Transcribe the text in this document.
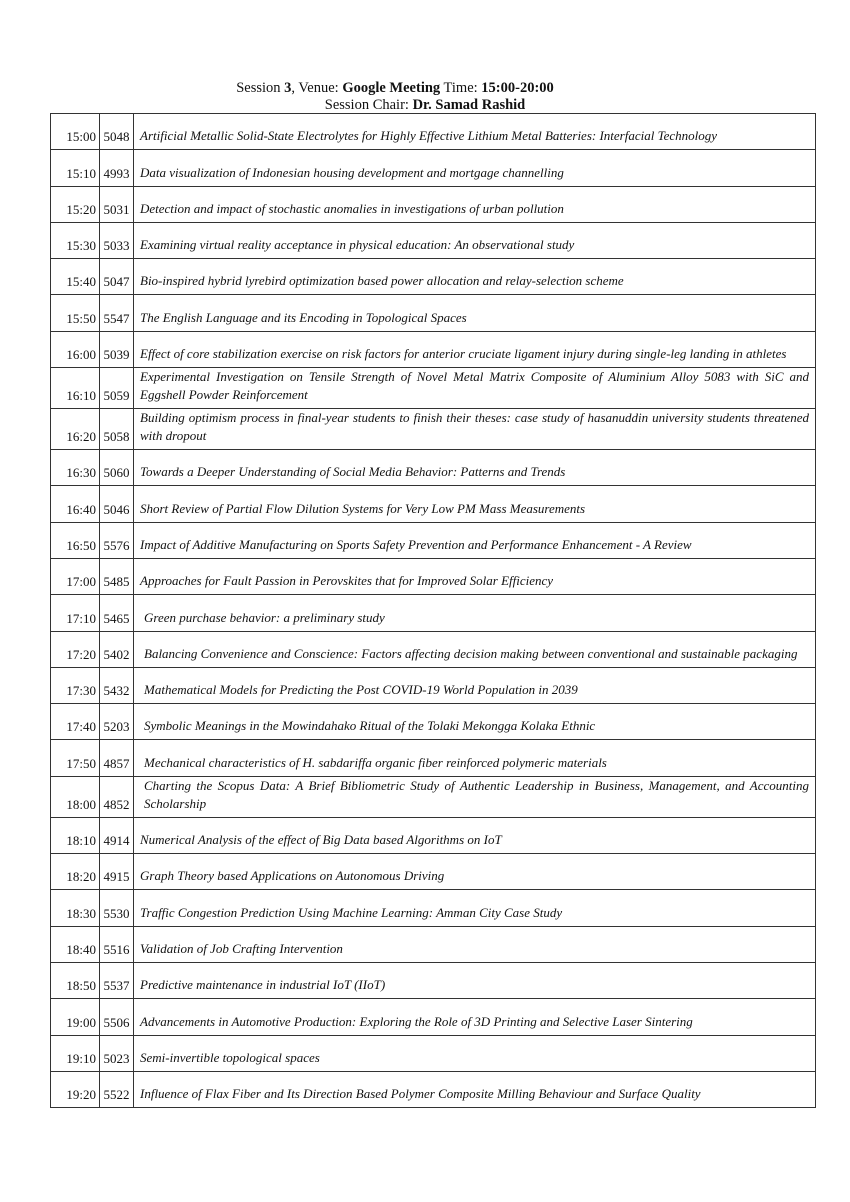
Session 3, Venue: Google Meeting Time: 15:00-20:00
Session Chair: Dr. Samad Rashid
15:00	5048	Artificial Metallic Solid-State Electrolytes for Highly Effective Lithium Metal Batteries: Interfacial Technology
15:10	4993	Data visualization of Indonesian housing development and mortgage channelling
15:20	5031	Detection and impact of stochastic anomalies in investigations of urban pollution
15:30	5033	Examining virtual reality acceptance in physical education: An observational study
15:40	5047	Bio-inspired hybrid lyrebird optimization based power allocation and relay-selection scheme
15:50	5547	The English Language and its Encoding in Topological Spaces
16:00	5039	Effect of core stabilization exercise on risk factors for anterior cruciate ligament injury during single-leg landing in athletes
16:10	5059	Experimental Investigation on Tensile Strength of Novel Metal Matrix Composite of Aluminium Alloy 5083 with SiC and Eggshell Powder Reinforcement
16:20	5058	Building optimism process in final-year students to finish their theses: case study of hasanuddin university students threatened with dropout
16:30	5060	Towards a Deeper Understanding of Social Media Behavior: Patterns and Trends
16:40	5046	Short Review of Partial Flow Dilution Systems for Very Low PM Mass Measurements
16:50	5576	Impact of Additive Manufacturing on Sports Safety Prevention and Performance Enhancement - A Review
17:00	5485	Approaches for Fault Passion in Perovskites that for Improved Solar Efficiency
17:10	5465	Green purchase behavior: a preliminary study
17:20	5402	Balancing Convenience and Conscience: Factors affecting decision making between conventional and sustainable packaging
17:30	5432	Mathematical Models for Predicting the Post COVID-19 World Population in 2039
17:40	5203	Symbolic Meanings in the Mowindahako Ritual of the Tolaki Mekongga Kolaka Ethnic
17:50	4857	Mechanical characteristics of H. sabdariffa organic fiber reinforced polymeric materials
18:00	4852	Charting the Scopus Data: A Brief Bibliometric Study of Authentic Leadership in Business, Management, and Accounting Scholarship
18:10	4914	Numerical Analysis of the effect of Big Data based Algorithms on IoT
18:20	4915	Graph Theory based Applications on Autonomous Driving
18:30	5530	Traffic Congestion Prediction Using Machine Learning: Amman City Case Study
18:40	5516	Validation of Job Crafting Intervention
18:50	5537	Predictive maintenance in industrial IoT (IIoT)
19:00	5506	Advancements in Automotive Production: Exploring the Role of 3D Printing and Selective Laser Sintering
19:10	5023	Semi-invertible topological spaces
19:20	5522	Influence of Flax Fiber and Its Direction Based Polymer Composite Milling Behaviour and Surface Quality
